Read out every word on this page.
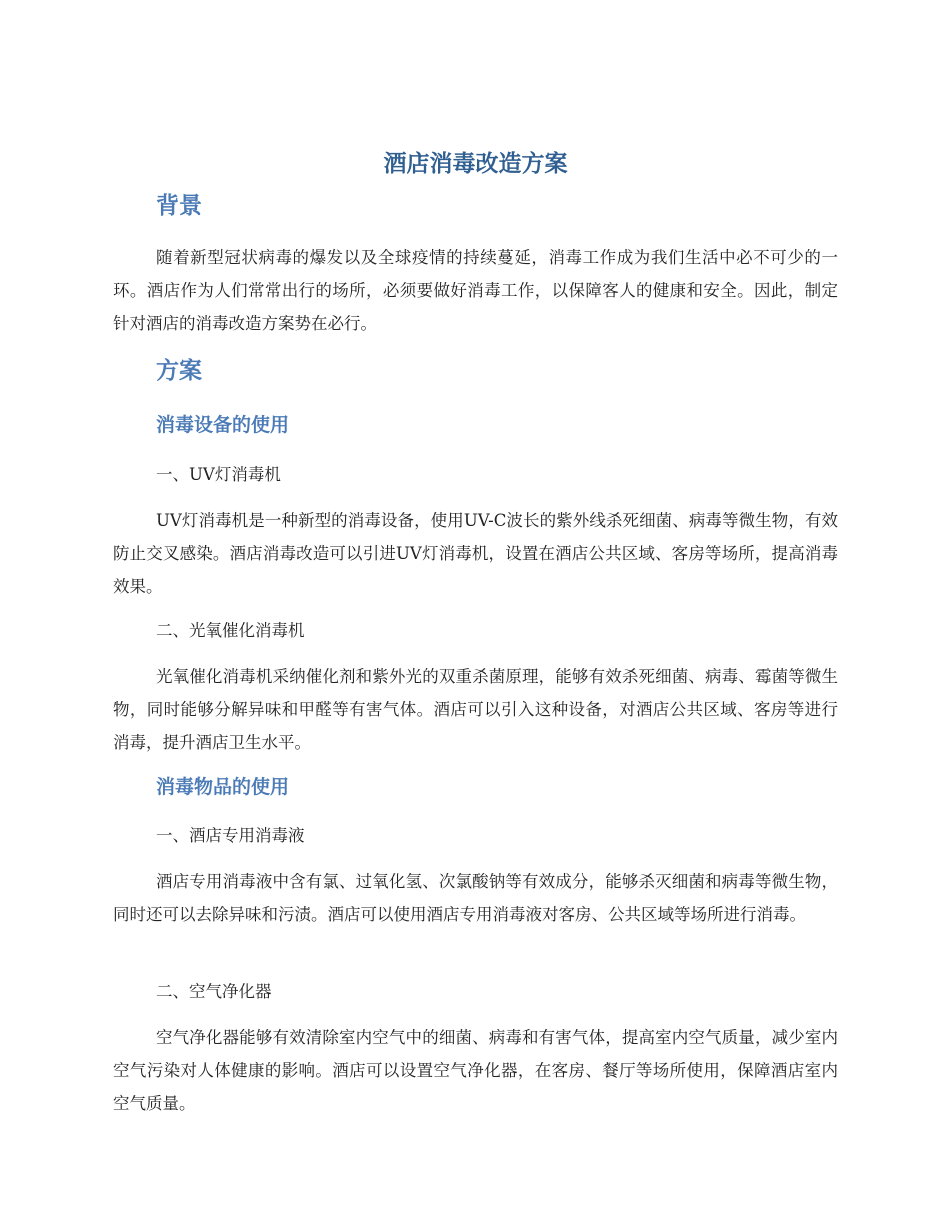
酒店消毒改造方案
背景

随着新型冠状病毒的爆发以及全球疫情的持续蔓延，消毒工作成为我们生活中必不可少的一环。酒店作为人们常常出行的场所，必须要做好消毒工作，以保障客人的健康和安全。因此，制定针对酒店的消毒改造方案势在必行。

方案
消毒设备的使用

一、UV灯消毒机

UV灯消毒机是一种新型的消毒设备，使用UV-C波长的紫外线杀死细菌、病毒等微生物，有效防止交叉感染。酒店消毒改造可以引进UV灯消毒机，设置在酒店公共区域、客房等场所，提高消毒效果。

二、光氧催化消毒机

光氧催化消毒机采纳催化剂和紫外光的双重杀菌原理，能够有效杀死细菌、病毒、霉菌等微生物，同时能够分解异味和甲醛等有害气体。酒店可以引入这种设备，对酒店公共区域、客房等进行消毒，提升酒店卫生水平。

消毒物品的使用

一、酒店专用消毒液

酒店专用消毒液中含有氯、过氧化氢、次氯酸钠等有效成分，能够杀灭细菌和病毒等微生物，同时还可以去除异味和污渍。酒店可以使用酒店专用消毒液对客房、公共区域等场所进行消毒。

二、空气净化器

空气净化器能够有效清除室内空气中的细菌、病毒和有害气体，提高室内空气质量，减少室内空气污染对人体健康的影响。酒店可以设置空气净化器，在客房、餐厅等场所使用，保障酒店室内空气质量。
